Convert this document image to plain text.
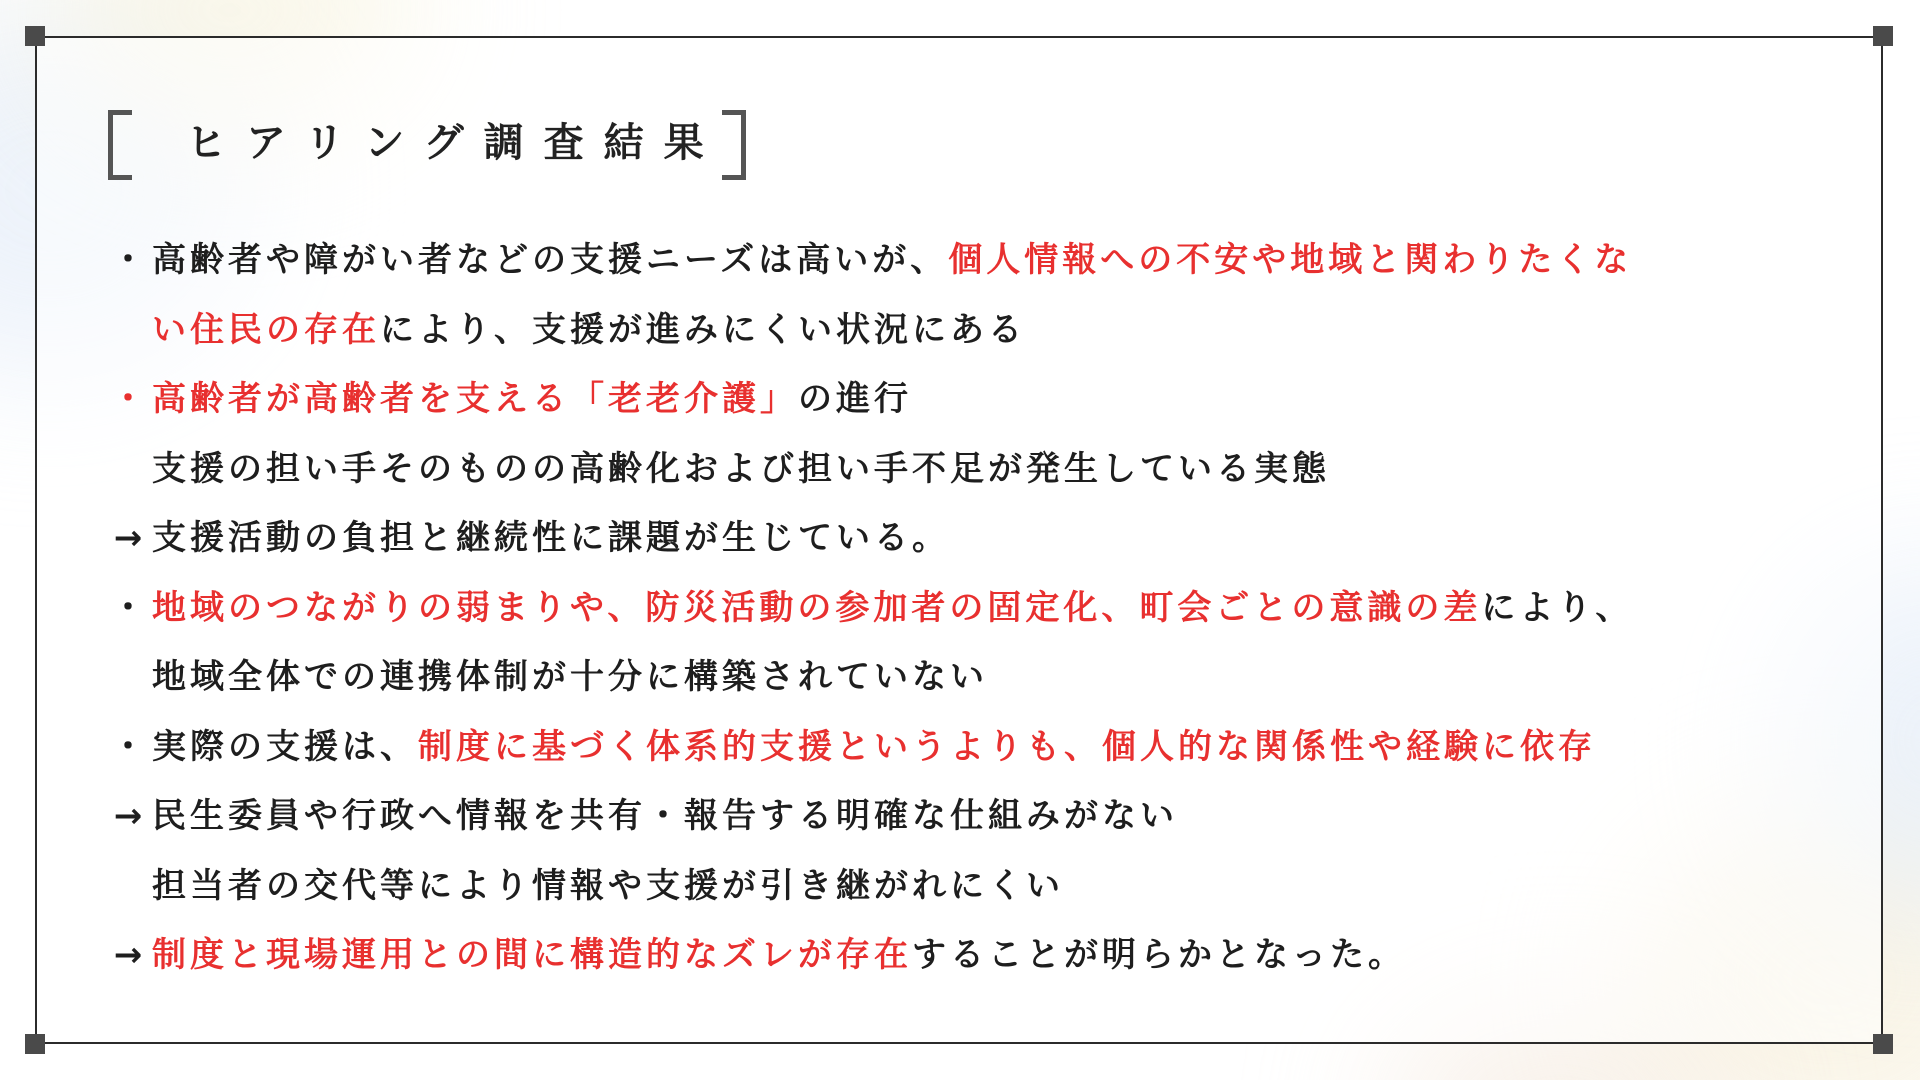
ヒアリング調査結果
・高齢者や障がい者などの支援ニーズは高いが、個人情報への不安や地域と関わりたくな
い住民の存在により、支援が進みにくい状況にある
・高齢者が高齢者を支える「老老介護」の進行
支援の担い手そのものの高齢化および担い手不足が発生している実態
→ 支援活動の負担と継続性に課題が生じている。
・地域のつながりの弱まりや、防災活動の参加者の固定化、町会ごとの意識の差により、
地域全体での連携体制が十分に構築されていない
・実際の支援は、制度に基づく体系的支援というよりも、個人的な関係性や経験に依存
→ 民生委員や行政へ情報を共有・報告する明確な仕組みがない
担当者の交代等により情報や支援が引き継がれにくい
→ 制度と現場運用との間に構造的なズレが存在することが明らかとなった。
